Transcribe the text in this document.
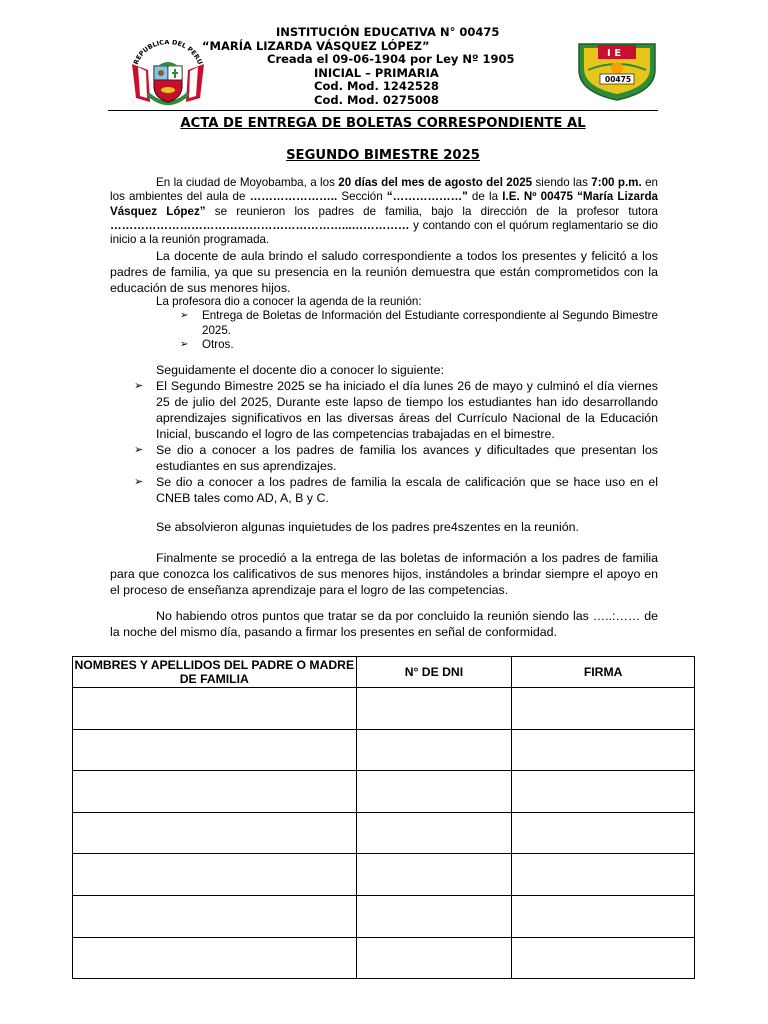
REPUBLICA DEL PERU
I E
00475
INSTITUCIÓN EDUCATIVA N° 00475
“MARÍA LIZARDA VÁSQUEZ LÓPEZ”
Creada el 09-06-1904 por Ley Nº 1905
INICIAL – PRIMARIA
Cod. Mod. 1242528
Cod. Mod. 0275008
ACTA DE ENTREGA DE BOLETAS CORRESPONDIENTE AL
SEGUNDO BIMESTRE 2025

En la ciudad de Moyobamba, a los 20 días del mes de agosto del 2025 siendo las 7:00 p.m. en los ambientes del aula de ………………….. Sección “………………" de la I.E. Nº 00475 “María Lizarda Vásquez López” se reunieron los padres de familia, bajo la dirección de la profesor tutora ……………………………………………………...…………… y contando con el quórum reglamentario se dio inicio a la reunión programada.

La docente de aula brindo el saludo correspondiente a todos los presentes y felicitó a los padres de familia, ya que su presencia en la reunión demuestra que están comprometidos con la educación de sus menores hijos.

La profesora dio a conocer la agenda de la reunión:

➢ Entrega de Boletas de Información del Estudiante correspondiente al Segundo Bimestre 2025.
➢ Otros.

Seguidamente el docente dio a conocer lo siguiente:

➢ El Segundo Bimestre 2025 se ha iniciado el día lunes 26 de mayo y culminó el día viernes 25 de julio del 2025, Durante este lapso de tiempo los estudiantes han ido desarrollando aprendizajes significativos en las diversas áreas del Currículo Nacional de la Educación Inicial, buscando el logro de las competencias trabajadas en el bimestre.
➢ Se dio a conocer a los padres de familia los avances y dificultades que presentan los estudiantes en sus aprendizajes.
➢ Se dio a conocer a los padres de familia la escala de calificación que se hace uso en el CNEB tales como AD, A, B y C.

Se absolvieron algunas inquietudes de los padres pre4szentes en la reunión.

Finalmente se procedió a la entrega de las boletas de información a los padres de familia para que conozca los calificativos de sus menores hijos, instándoles a brindar siempre el apoyo en el proceso de enseñanza aprendizaje para el logro de las competencias.

No habiendo otros puntos que tratar se da por concluido la reunión siendo las …..:…… de la noche del mismo día, pasando a firmar los presentes en señal de conformidad.

NOMBRES Y APELLIDOS DEL PADRE O MADRE DE FAMILIA	N° DE DNI	FIRMA
